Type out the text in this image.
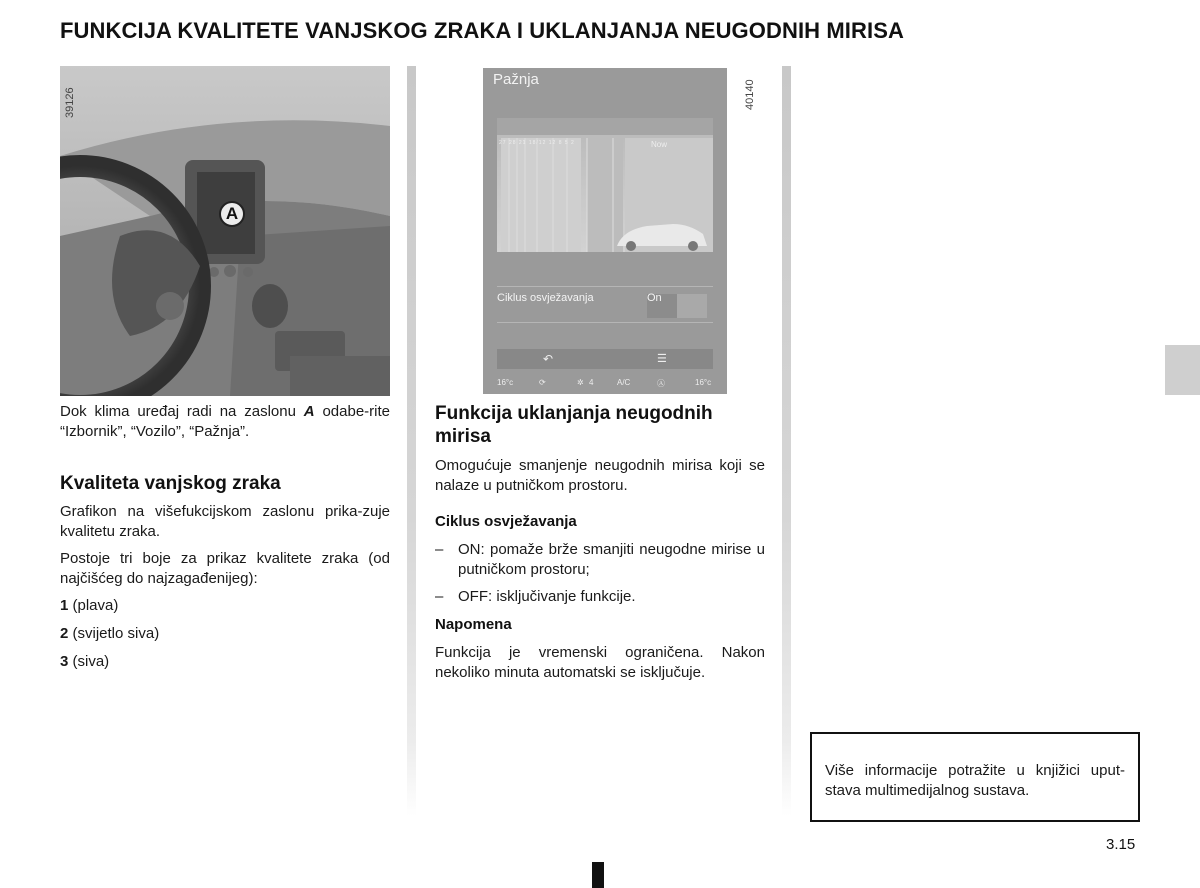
FUNKCIJA KVALITETE VANJSKOG ZRAKA I UKLANJANJA NEUGODNIH MIRISA
A
39126
Pažnja
27 28 21 18/12 12 8 5 2	Now
Ciklus osvježavanja	On
↶	☰
16°c	⟳	✲ 4	A/C	Ⓐ	16°c
40140
Dok klima uređaj radi na zaslonu A odabe-rite “Izbornik”, “Vozilo”, “Pažnja”.
Kvaliteta vanjskog zraka
Grafikon na višefukcijskom zaslonu prika-zuje kvalitetu zraka.
Postoje tri boje za prikaz kvalitete zraka (od najčišćeg do najzagađenijeg):
1 (plava)
2 (svijetlo siva)
3 (siva)
Funkcija uklanjanja neugodnih mirisa
Omogućuje smanjenje neugodnih mirisa koji se nalaze u putničkom prostoru.
Ciklus osvježavanja
– ON: pomaže brže smanjiti neugodne mirise u putničkom prostoru;
– OFF: isključivanje funkcije.
Napomena
Funkcija je vremenski ograničena. Nakon nekoliko minuta automatski se isključuje.
Više informacije potražite u knjižici uput-stava multimedijalnog sustava.
3.15
